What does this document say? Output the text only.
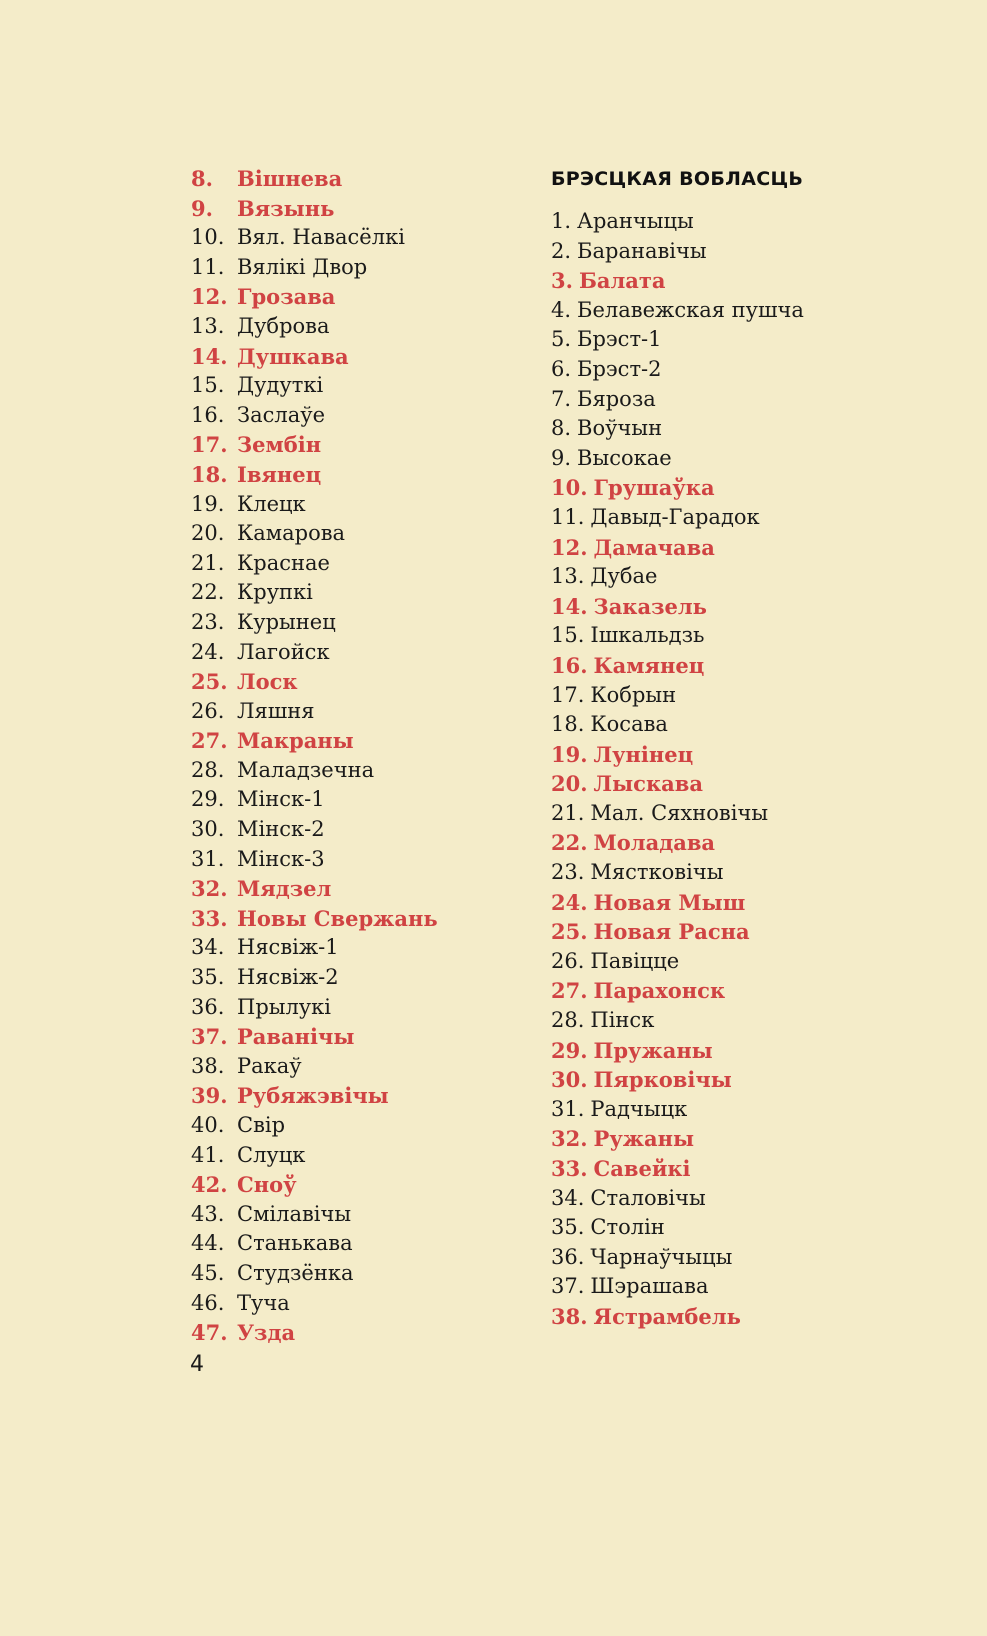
8.	Вішнева
9.	Вязынь
10. Вял. Навасёлкі
11. Вялікі Двор
12. Грозава
13. Дуброва
14. Душкава
15. Дудуткі
16. Заслаўе
17. Зембін
18. Івянец
19. Клецк
20. Камарова
21. Краснае
22. Крупкі
23. Курынец
24. Лагойск
25. Лоск
26. Ляшня
27. Макраны
28. Маладзечна
29. Мінск-1
30. Мінск-2
31. Мінск-3
32. Мядзел
33. Новы Свержань
34. Нясвіж-1
35. Нясвіж-2
36. Прылукі
37. Раванічы
38. Ракаў
39. Рубяжэвічы
40. Свір
41. Слуцк
42. Сноў
43. Смілавічы
44. Станькава
45. Студзёнка
46. Туча
47. Узда
БРЭСЦКАЯ ВОБЛАСЦЬ
1. Аранчыцы
2. Баранавічы
3. Балата
4. Белавежская пушча
5. Брэст-1
6. Брэст-2
7. Бяроза
8. Воўчын
9. Высокае
10. Грушаўка
11. Давыд-Гарадок
12. Дамачава
13. Дубае
14. Заказель
15. Ішкальдзь
16. Камянец
17. Кобрын
18. Косава
19. Лунінец
20. Лыскава
21. Мал. Сяхновічы
22. Моладава
23. Мястковічы
24. Новая Мыш
25. Новая Расна
26. Павіцце
27. Парахонск
28. Пінск
29. Пружаны
30. Пярковічы
31. Радчыцк
32. Ружаны
33. Савейкі
34. Сталовічы
35. Столін
36. Чарнаўчыцы
37. Шэрашава
38. Ястрамбель
4
